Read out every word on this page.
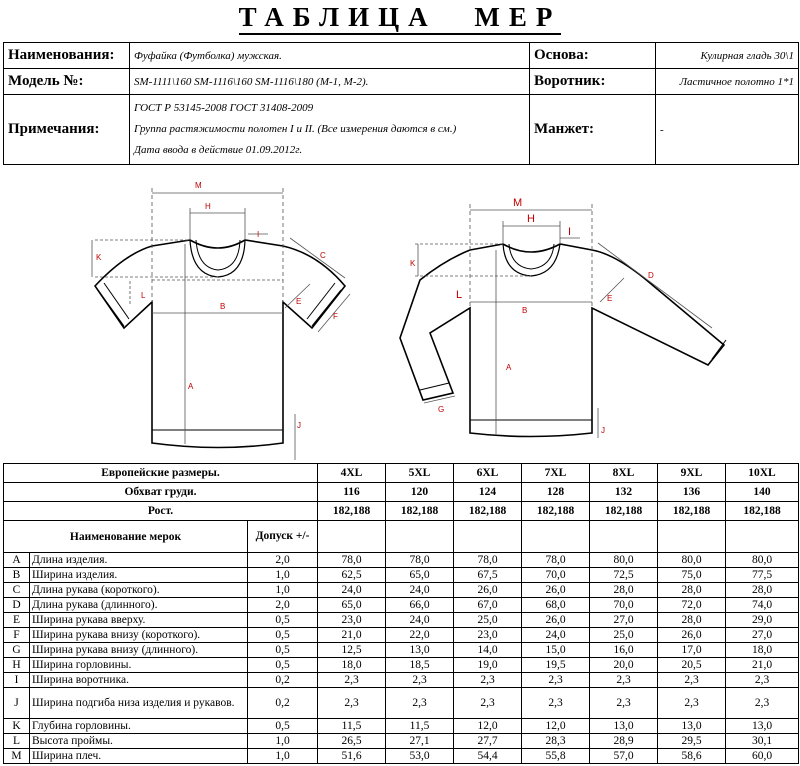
ТАБЛИЦА МЕР
Наименования:	Фуфайка (Футболка) мужская.	Основа:	Кулирная гладь 30\1
Модель №:	SM-1111\160 SM-1116\160 SM-1116\180 (М-1, М-2).	Воротник:	Ластичное полотно 1*1
Примечания:	ГОСТ Р 53145-2008 ГОСТ 31408-2009
Группа растяжимости полотен I и II. (Все измерения даются в см.)
Дата ввода в действие 01.09.2012г.	Манжет:	-
M
H
I
K	C
L
B
E
F
A
J
M
H
I
K
D
L
B
E
A
G
J
Европейские размеры.			4XL	5XL	6XL	7XL	8XL	9XL	10XL
Обхват груди.			116	120	124	128	132	136	140
Рост.			182,188	182,188	182,188	182,188	182,188	182,188	182,188
Наименование мерок		Допуск +/-							
A	Длина изделия.	2,0	78,0	78,0	78,0	78,0	80,0	80,0	80,0
B	Ширина изделия.	1,0	62,5	65,0	67,5	70,0	72,5	75,0	77,5
C	Длина рукава (короткого).	1,0	24,0	24,0	26,0	26,0	28,0	28,0	28,0
D	Длина рукава (длинного).	2,0	65,0	66,0	67,0	68,0	70,0	72,0	74,0
E	Ширина рукава вверху.	0,5	23,0	24,0	25,0	26,0	27,0	28,0	29,0
F	Ширина рукава внизу (короткого).	0,5	21,0	22,0	23,0	24,0	25,0	26,0	27,0
G	Ширина рукава внизу (длинного).	0,5	12,5	13,0	14,0	15,0	16,0	17,0	18,0
H	Ширина горловины.	0,5	18,0	18,5	19,0	19,5	20,0	20,5	21,0
I	Ширина воротника.	0,2	2,3	2,3	2,3	2,3	2,3	2,3	2,3
J	Ширина подгиба низа изделия и рукавов.	0,2	2,3	2,3	2,3	2,3	2,3	2,3	2,3
K	Глубина горловины.	0,5	11,5	11,5	12,0	12,0	13,0	13,0	13,0
L	Высота проймы.	1,0	26,5	27,1	27,7	28,3	28,9	29,5	30,1
M	Ширина плеч.	1,0	51,6	53,0	54,4	55,8	57,0	58,6	60,0
